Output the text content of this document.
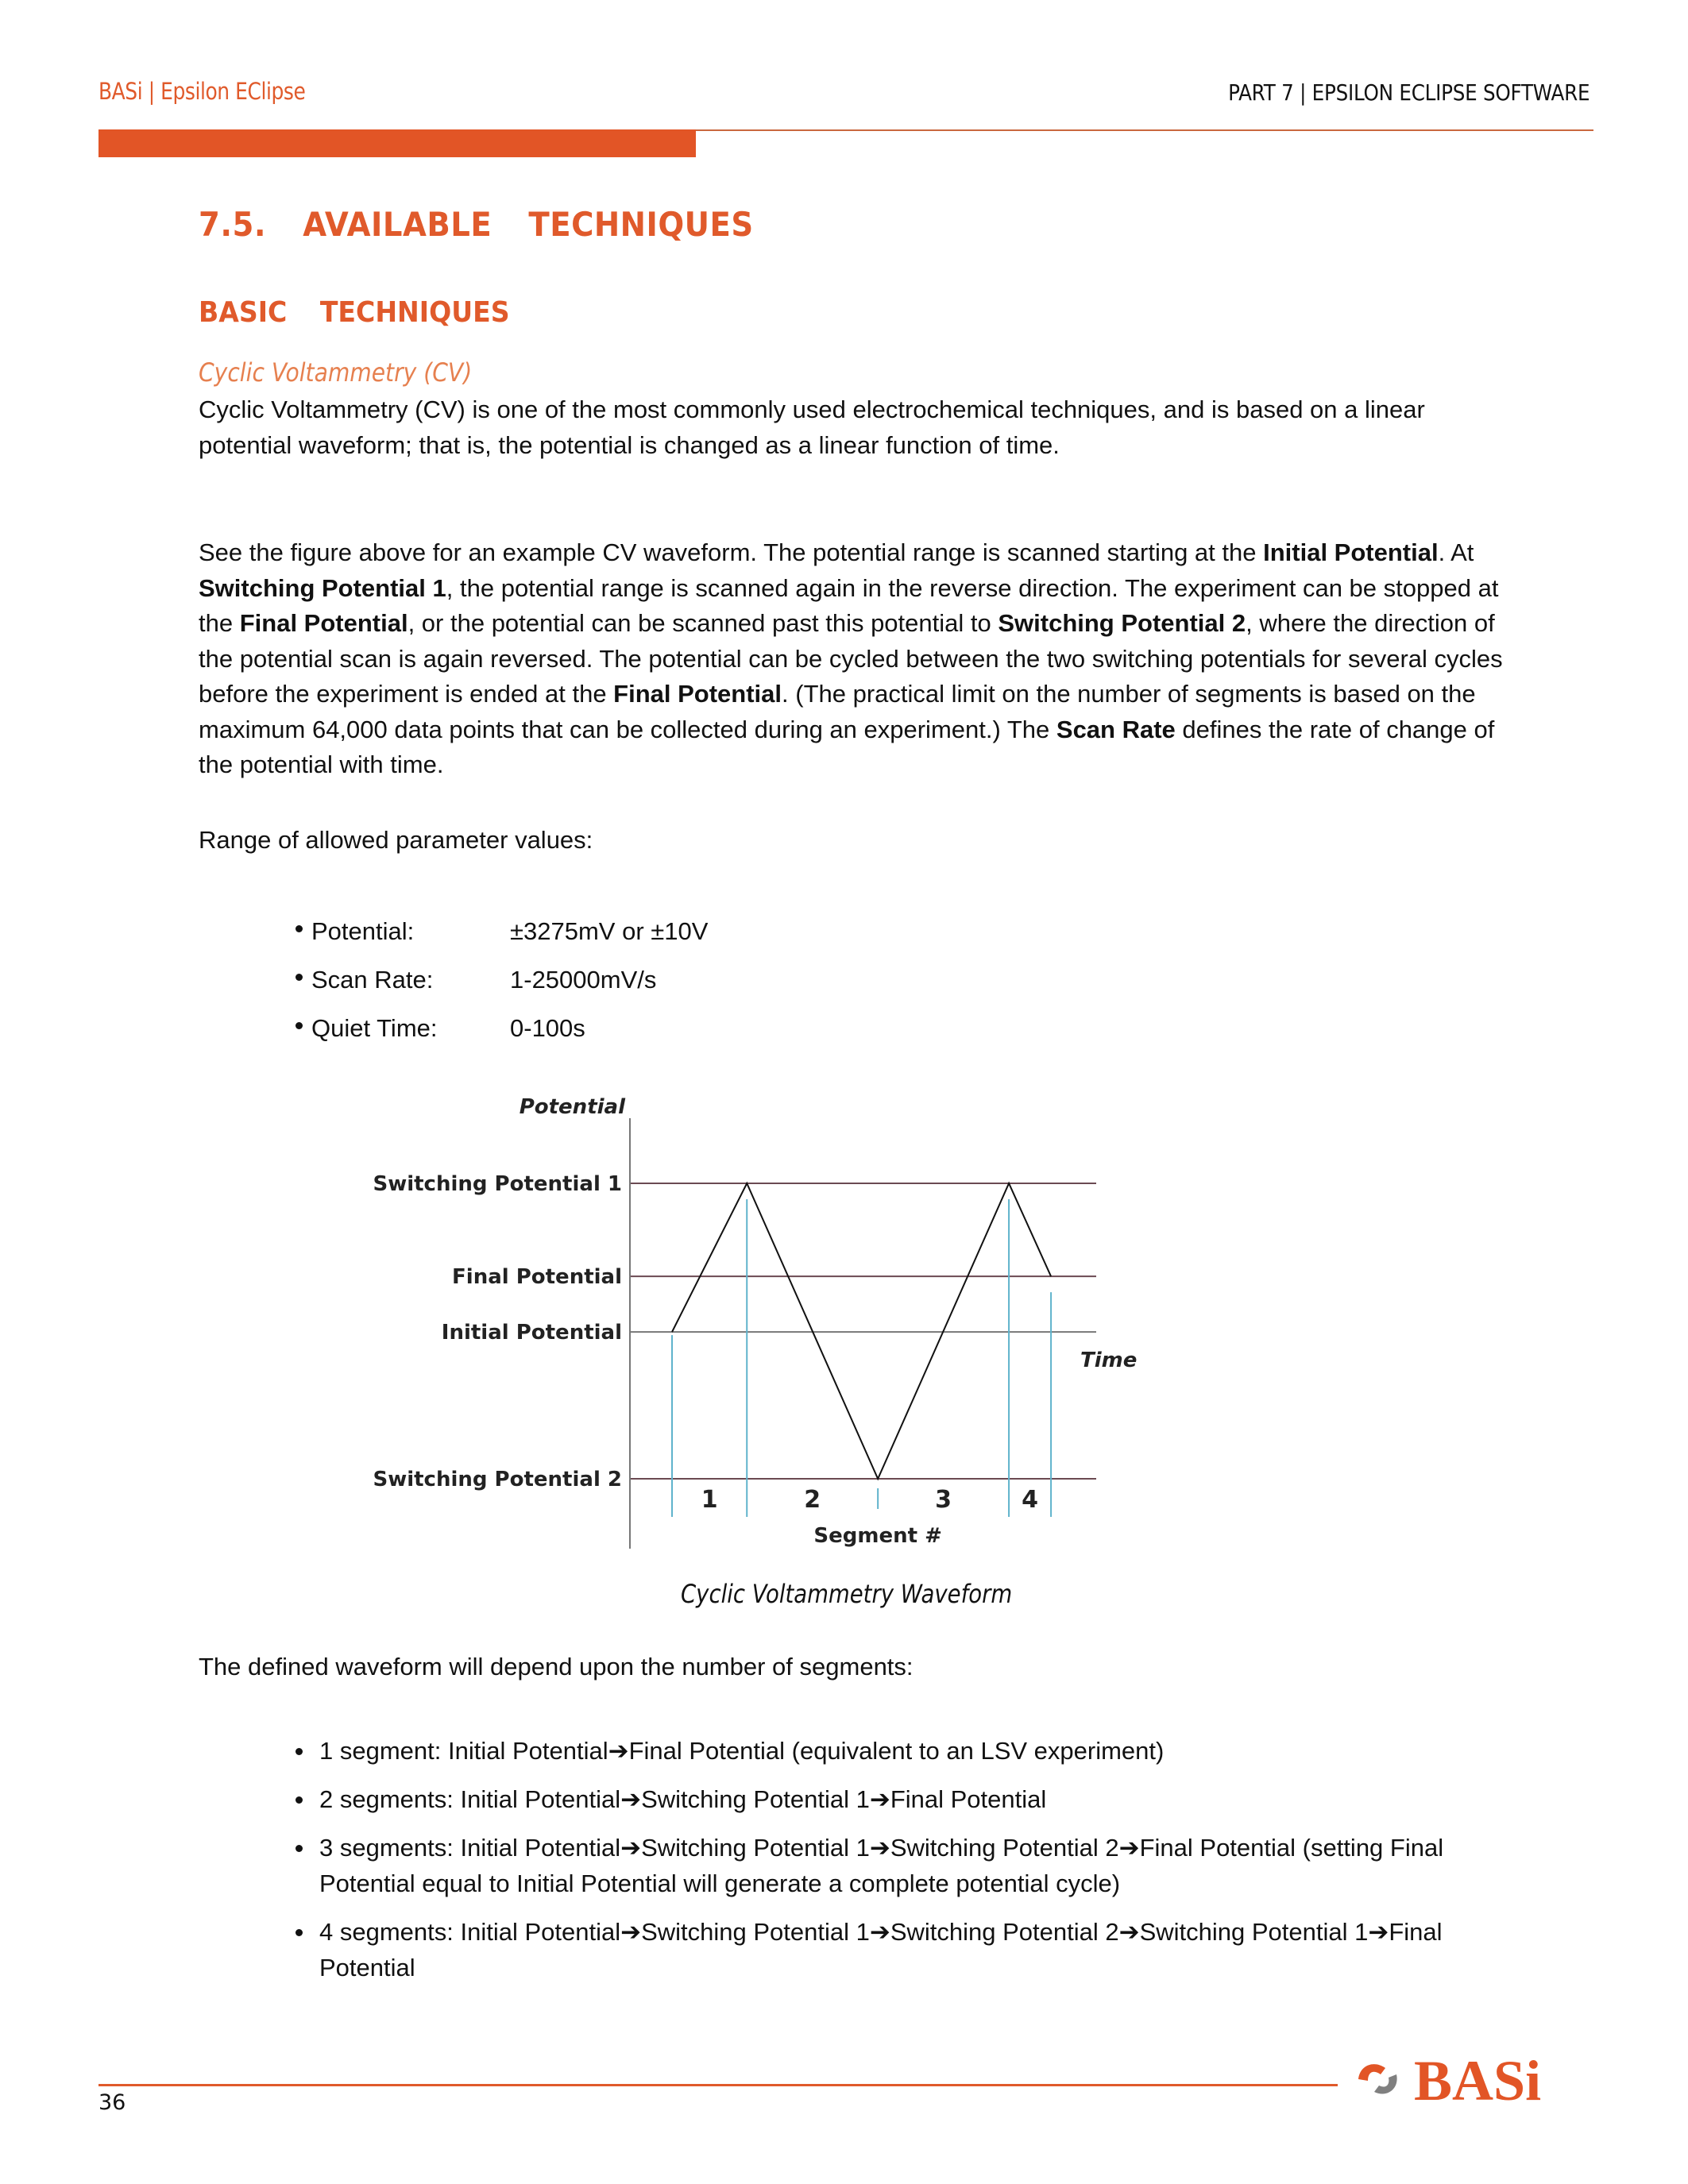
BASi | Epsilon EClipse	PART 7 | EPSILON ECLIPSE SOFTWARE
7.5.  AVAILABLE  TECHNIQUES
BASIC  TECHNIQUES
Cyclic Voltammetry (CV)
Cyclic Voltammetry (CV) is one of the most commonly used electrochemical techniques, and is based on a linear potential waveform; that is, the potential is changed as a linear function of time.
See the figure above for an example CV waveform. The potential range is scanned starting at the Initial Potential. At Switching Potential 1, the potential range is scanned again in the reverse direction. The experiment can be stopped at the Final Potential, or the potential can be scanned past this potential to Switching Potential 2, where the direction of the potential scan is again reversed. The potential can be cycled between the two switching potentials for several cycles before the experiment is ended at the Final Potential. (The practical limit on the number of segments is based on the maximum 64,000 data points that can be collected during an experiment.) The Scan Rate defines the rate of change of the potential with time.
Range of allowed parameter values:
Potential:	±3275mV or ±10V
Scan Rate:	1-25000mV/s
Quiet Time:	0-100s
Potential
Time
Segment #
Switching Potential 1
Final Potential
Initial Potential
Switching Potential 2
1	2	3	4
Cyclic Voltammetry Waveform
The defined waveform will depend upon the number of segments:
1 segment: Initial Potential➔Final Potential (equivalent to an LSV experiment)
2 segments: Initial Potential➔Switching Potential 1➔Final Potential
3 segments: Initial Potential➔Switching Potential 1➔Switching Potential 2➔Final Potential (setting Final Potential equal to Initial Potential will generate a complete potential cycle)
4 segments: Initial Potential➔Switching Potential 1➔Switching Potential 2➔Switching Potential 1➔Final Potential
36	BASi
